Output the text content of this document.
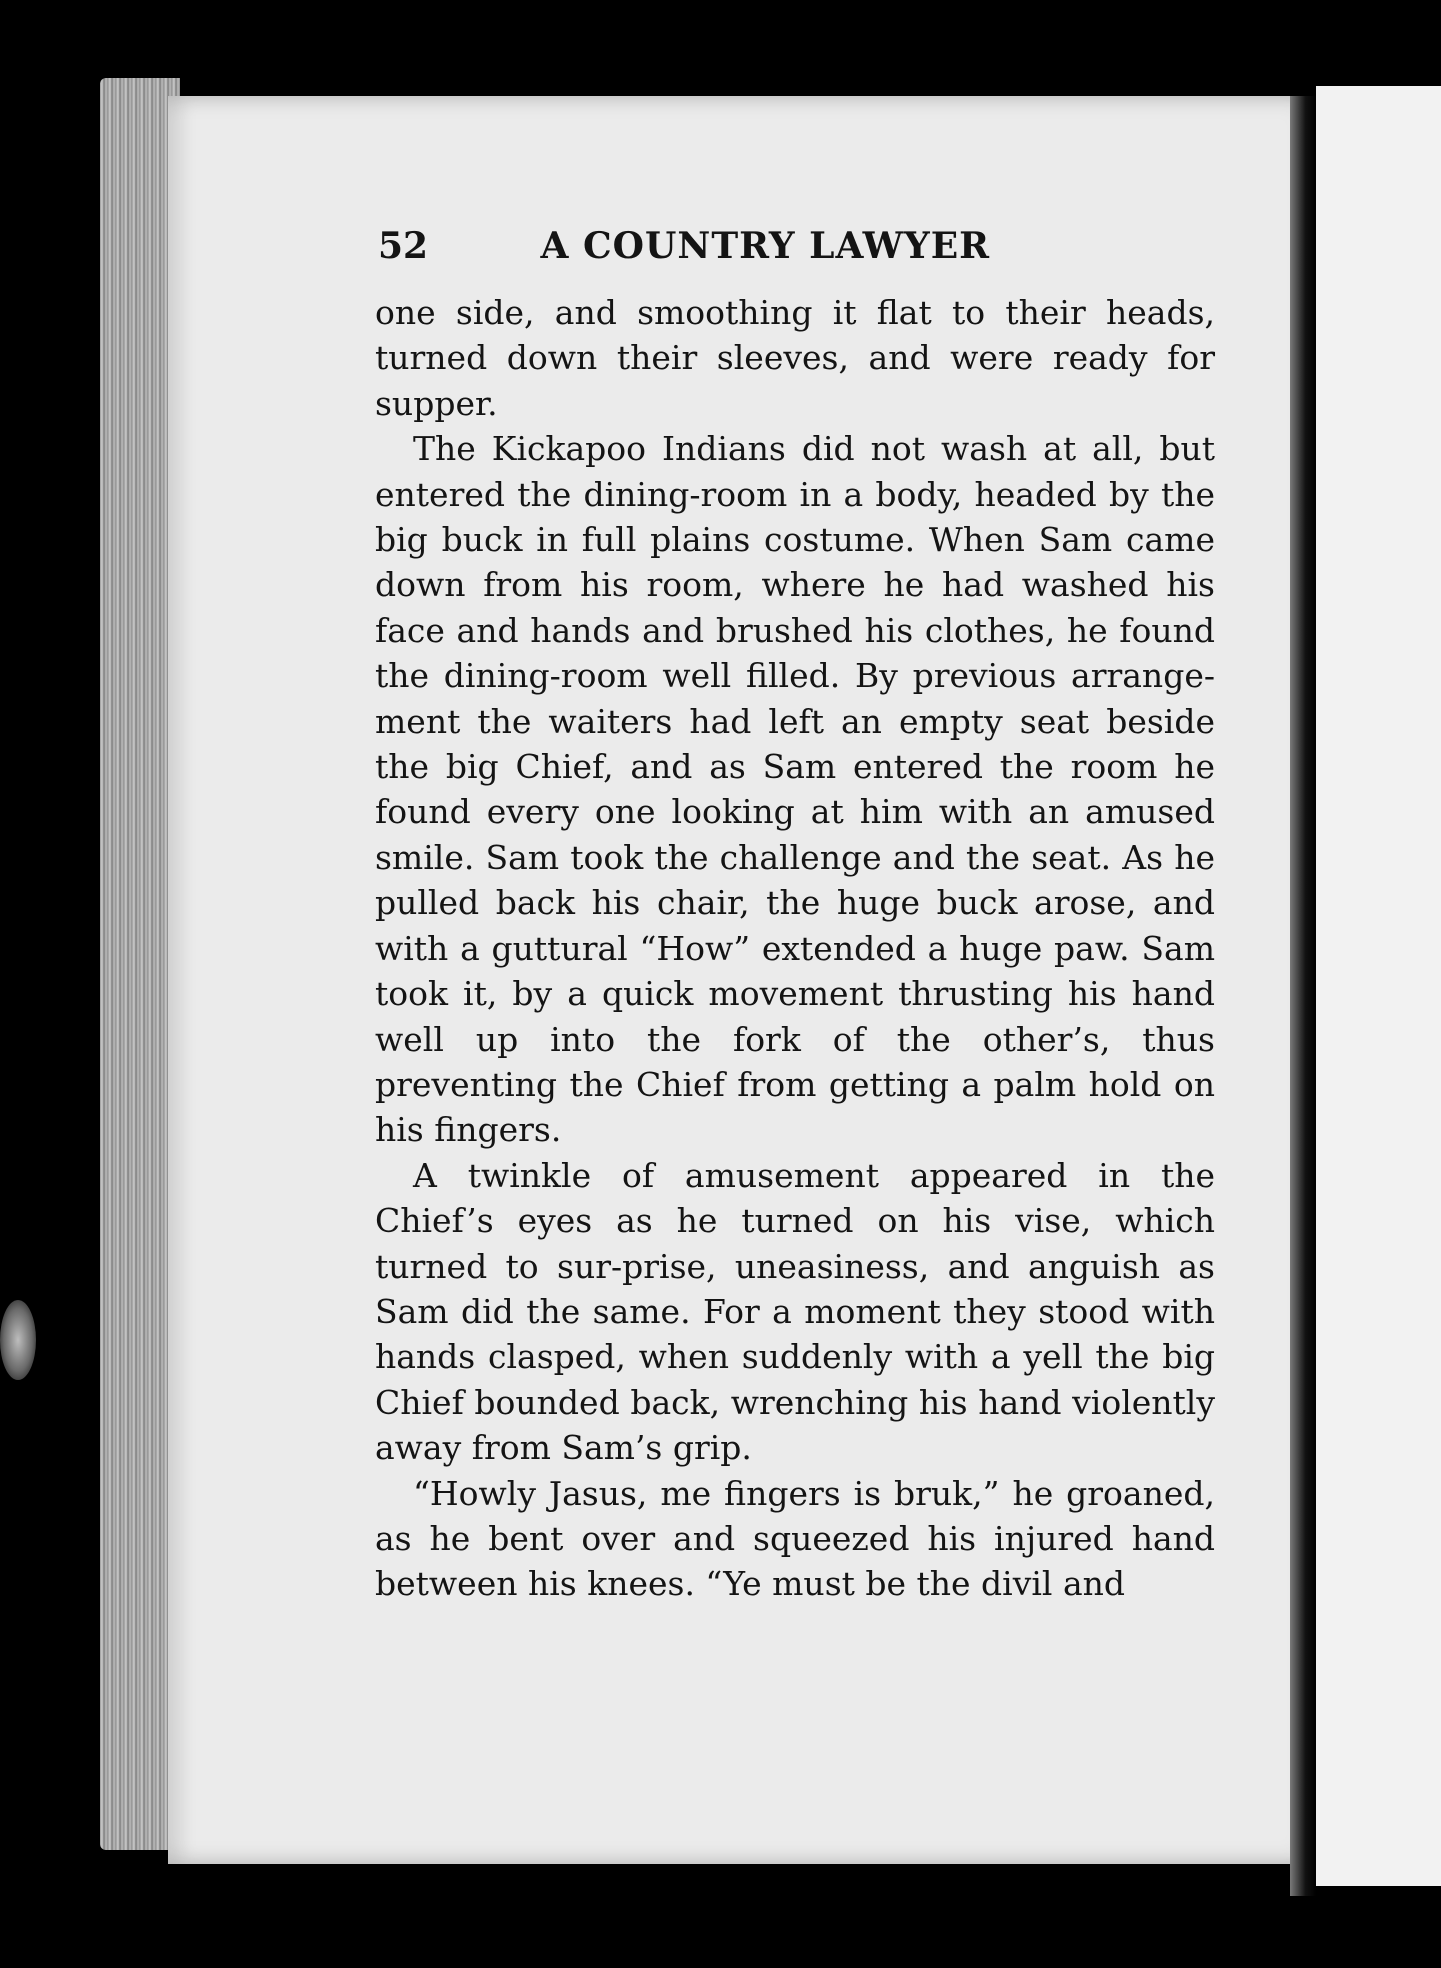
52	A COUNTRY LAWYER

one side, and smoothing it flat to their heads, turned down their sleeves, and were ready for supper.

The Kickapoo Indians did not wash at all, but entered the dining-room in a body, headed by the big buck in full plains costume. When Sam came down from his room, where he had washed his face and hands and brushed his clothes, he found the dining-room well filled. By previous arrange-ment the waiters had left an empty seat beside the big Chief, and as Sam entered the room he found every one looking at him with an amused smile. Sam took the challenge and the seat. As he pulled back his chair, the huge buck arose, and with a guttural “How” extended a huge paw. Sam took it, by a quick movement thrusting his hand well up into the fork of the other’s, thus preventing the Chief from getting a palm hold on his fingers.

A twinkle of amusement appeared in the Chief’s eyes as he turned on his vise, which turned to sur-prise, uneasiness, and anguish as Sam did the same. For a moment they stood with hands clasped, when suddenly with a yell the big Chief bounded back, wrenching his hand violently away from Sam’s grip.

“Howly Jasus, me fingers is bruk,” he groaned, as he bent over and squeezed his injured hand between his knees. “Ye must be the divil and
